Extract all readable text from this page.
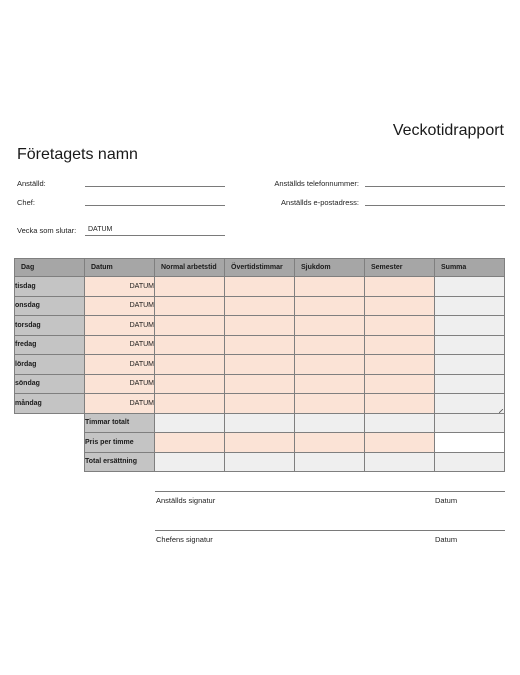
Veckotidrapport
Företagets namn
Anställd:
Chef:
Vecka som slutar: DATUM
Anställds telefonnummer:
Anställds e-postadress:
Dag	Datum	Normal arbetstid	Övertidstimmar	Sjukdom	Semester	Summa
tisdag	DATUM					
onsdag	DATUM					
torsdag	DATUM					
fredag	DATUM					
lördag	DATUM					
söndag	DATUM					
måndag	DATUM					
	Timmar totalt					
	Pris per timme					
	Total ersättning					
Anställds signatur	Datum
Chefens signatur	Datum
